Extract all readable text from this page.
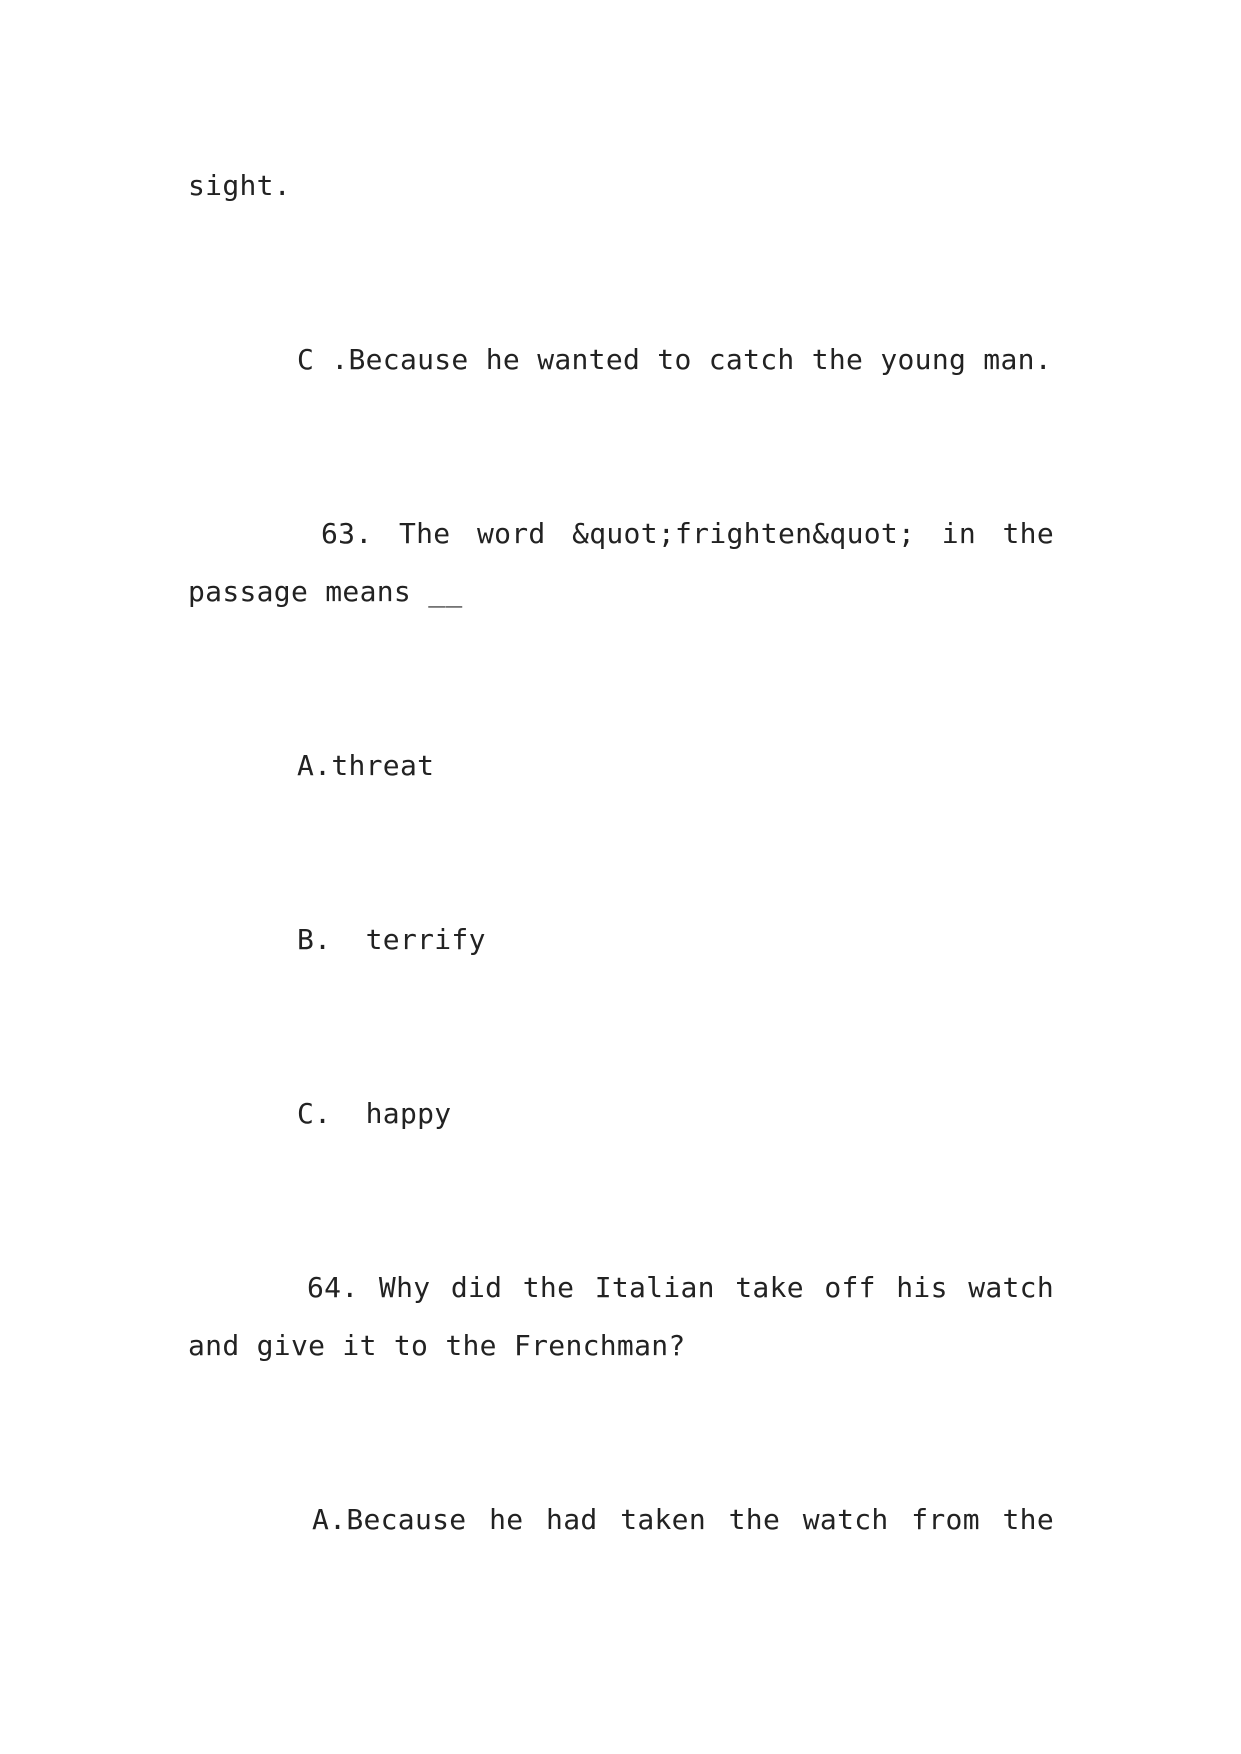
sight.
C .Because he wanted to catch the young man.
63. The word &quot;frighten&quot; in the
passage means __
A.threat
B.  terrify
C.  happy
64. Why did the Italian take off his watch
and give it to the Frenchman?
A.Because he had taken the watch from the
